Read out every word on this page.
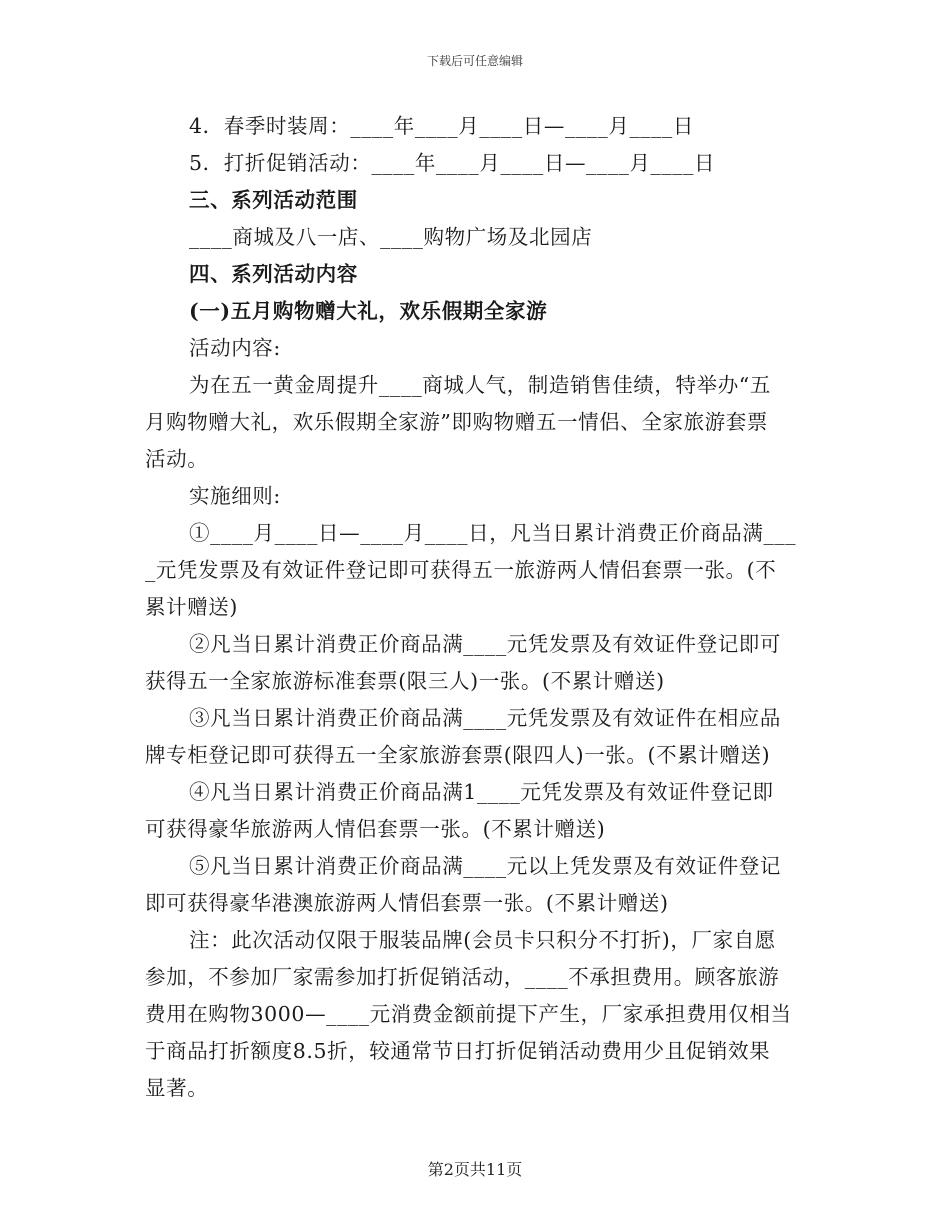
下载后可任意编辑
4．春季时装周：____年____月____日—____月____日
5．打折促销活动：____年____月____日—____月____日
三、系列活动范围
____商城及八一店、____购物广场及北园店
四、系列活动内容
(一)五月购物赠大礼，欢乐假期全家游
活动内容:
为在五一黄金周提升____商城人气，制造销售佳绩，特举办“五
月购物赠大礼，欢乐假期全家游”即购物赠五一情侣、全家旅游套票
活动。
实施细则:
①____月____日—____月____日，凡当日累计消费正价商品满___
_元凭发票及有效证件登记即可获得五一旅游两人情侣套票一张。(不
累计赠送)
②凡当日累计消费正价商品满____元凭发票及有效证件登记即可
获得五一全家旅游标准套票(限三人)一张。(不累计赠送)
③凡当日累计消费正价商品满____元凭发票及有效证件在相应品
牌专柜登记即可获得五一全家旅游套票(限四人)一张。(不累计赠送)
④凡当日累计消费正价商品满1____元凭发票及有效证件登记即
可获得豪华旅游两人情侣套票一张。(不累计赠送)
⑤凡当日累计消费正价商品满____元以上凭发票及有效证件登记
即可获得豪华港澳旅游两人情侣套票一张。(不累计赠送)
注：此次活动仅限于服装品牌(会员卡只积分不打折)，厂家自愿
参加，不参加厂家需参加打折促销活动，____不承担费用。顾客旅游
费用在购物3000—____元消费金额前提下产生，厂家承担费用仅相当
于商品打折额度8.5折，较通常节日打折促销活动费用少且促销效果
显著。
第2页共11页
